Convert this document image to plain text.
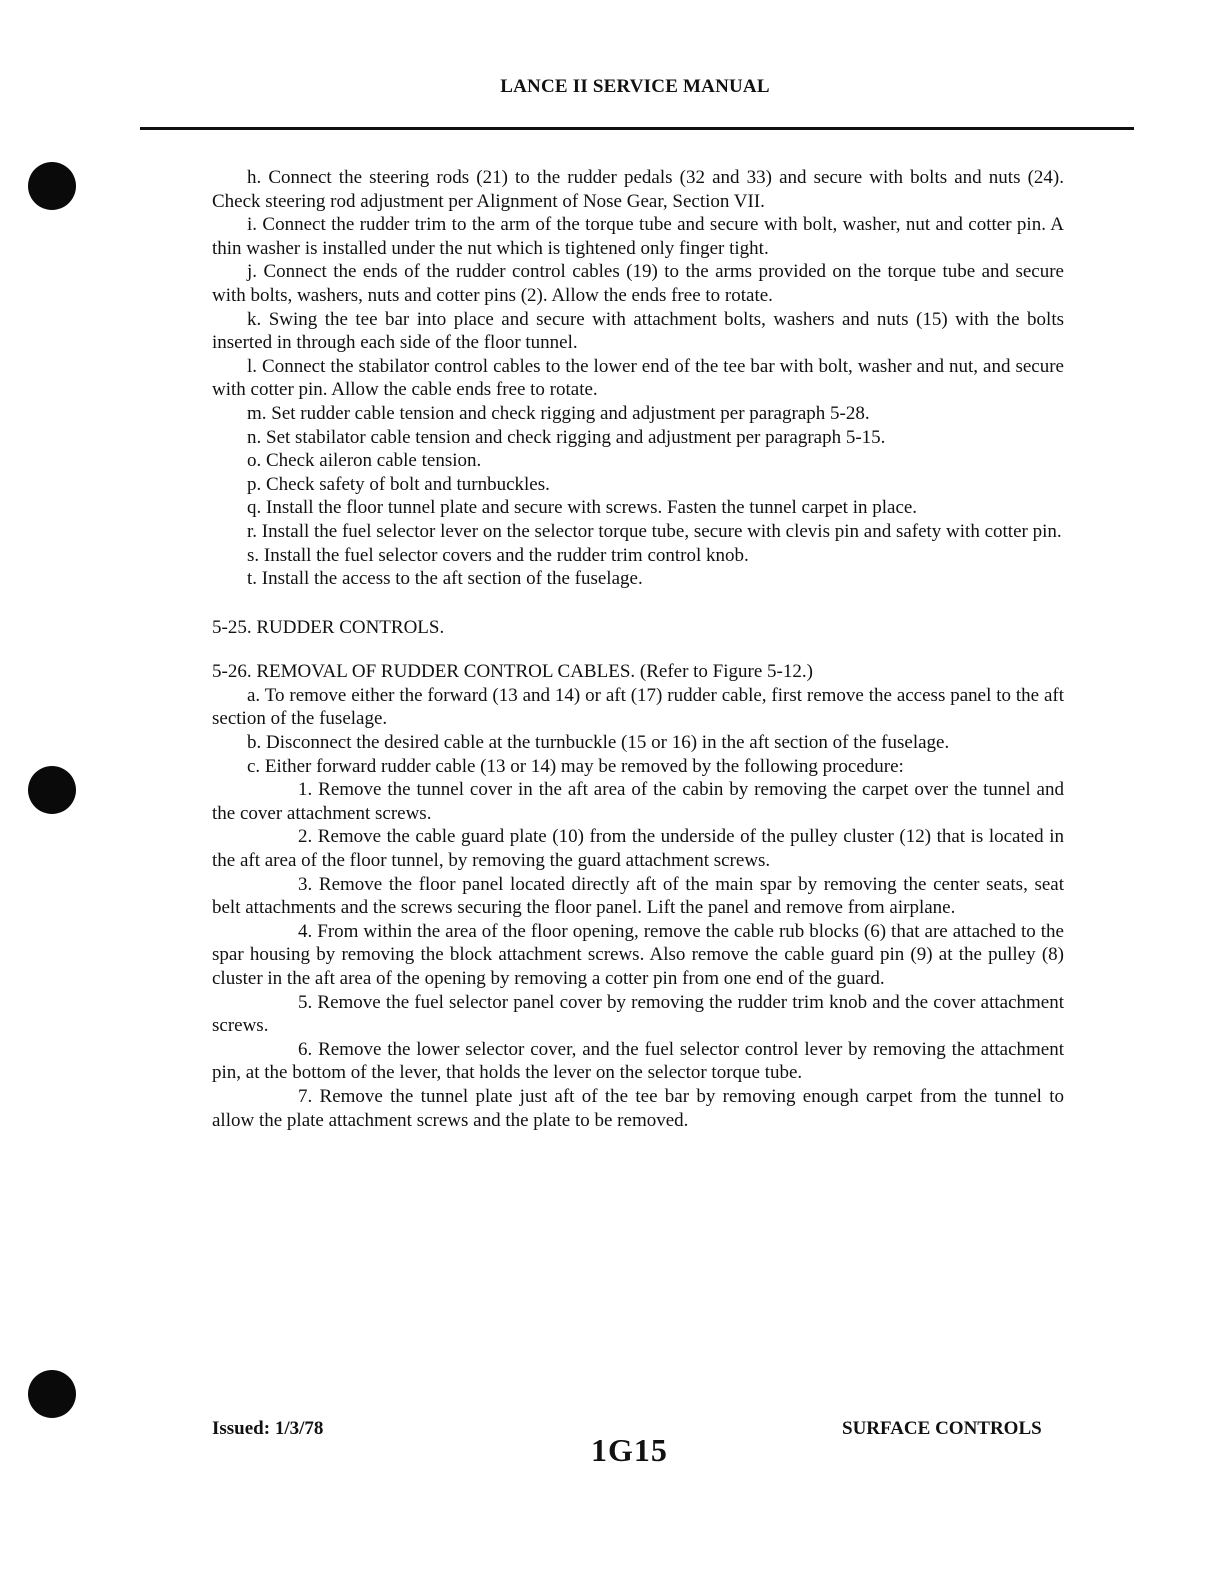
LANCE II SERVICE MANUAL

h. Connect the steering rods (21) to the rudder pedals (32 and 33) and secure with bolts and nuts (24). Check steering rod adjustment per Alignment of Nose Gear, Section VII.

i. Connect the rudder trim to the arm of the torque tube and secure with bolt, washer, nut and cotter pin. A thin washer is installed under the nut which is tightened only finger tight.

j. Connect the ends of the rudder control cables (19) to the arms provided on the torque tube and secure with bolts, washers, nuts and cotter pins (2). Allow the ends free to rotate.

k. Swing the tee bar into place and secure with attachment bolts, washers and nuts (15) with the bolts inserted in through each side of the floor tunnel.

l. Connect the stabilator control cables to the lower end of the tee bar with bolt, washer and nut, and secure with cotter pin. Allow the cable ends free to rotate.

m. Set rudder cable tension and check rigging and adjustment per paragraph 5-28.

n. Set stabilator cable tension and check rigging and adjustment per paragraph 5-15.

o. Check aileron cable tension.

p. Check safety of bolt and turnbuckles.

q. Install the floor tunnel plate and secure with screws. Fasten the tunnel carpet in place.

r. Install the fuel selector lever on the selector torque tube, secure with clevis pin and safety with cotter pin.

s. Install the fuel selector covers and the rudder trim control knob.

t. Install the access to the aft section of the fuselage.

5-25. RUDDER CONTROLS.

5-26. REMOVAL OF RUDDER CONTROL CABLES. (Refer to Figure 5-12.)

a. To remove either the forward (13 and 14) or aft (17) rudder cable, first remove the access panel to the aft section of the fuselage.

b. Disconnect the desired cable at the turnbuckle (15 or 16) in the aft section of the fuselage.

c. Either forward rudder cable (13 or 14) may be removed by the following procedure:

1. Remove the tunnel cover in the aft area of the cabin by removing the carpet over the tunnel and the cover attachment screws.

2. Remove the cable guard plate (10) from the underside of the pulley cluster (12) that is located in the aft area of the floor tunnel, by removing the guard attachment screws.

3. Remove the floor panel located directly aft of the main spar by removing the center seats, seat belt attachments and the screws securing the floor panel. Lift the panel and remove from airplane.

4. From within the area of the floor opening, remove the cable rub blocks (6) that are attached to the spar housing by removing the block attachment screws. Also remove the cable guard pin (9) at the pulley (8) cluster in the aft area of the opening by removing a cotter pin from one end of the guard.

5. Remove the fuel selector panel cover by removing the rudder trim knob and the cover attachment screws.

6. Remove the lower selector cover, and the fuel selector control lever by removing the attachment pin, at the bottom of the lever, that holds the lever on the selector torque tube.

7. Remove the tunnel plate just aft of the tee bar by removing enough carpet from the tunnel to allow the plate attachment screws and the plate to be removed.

Issued: 1/3/78
1G15
SURFACE CONTROLS
